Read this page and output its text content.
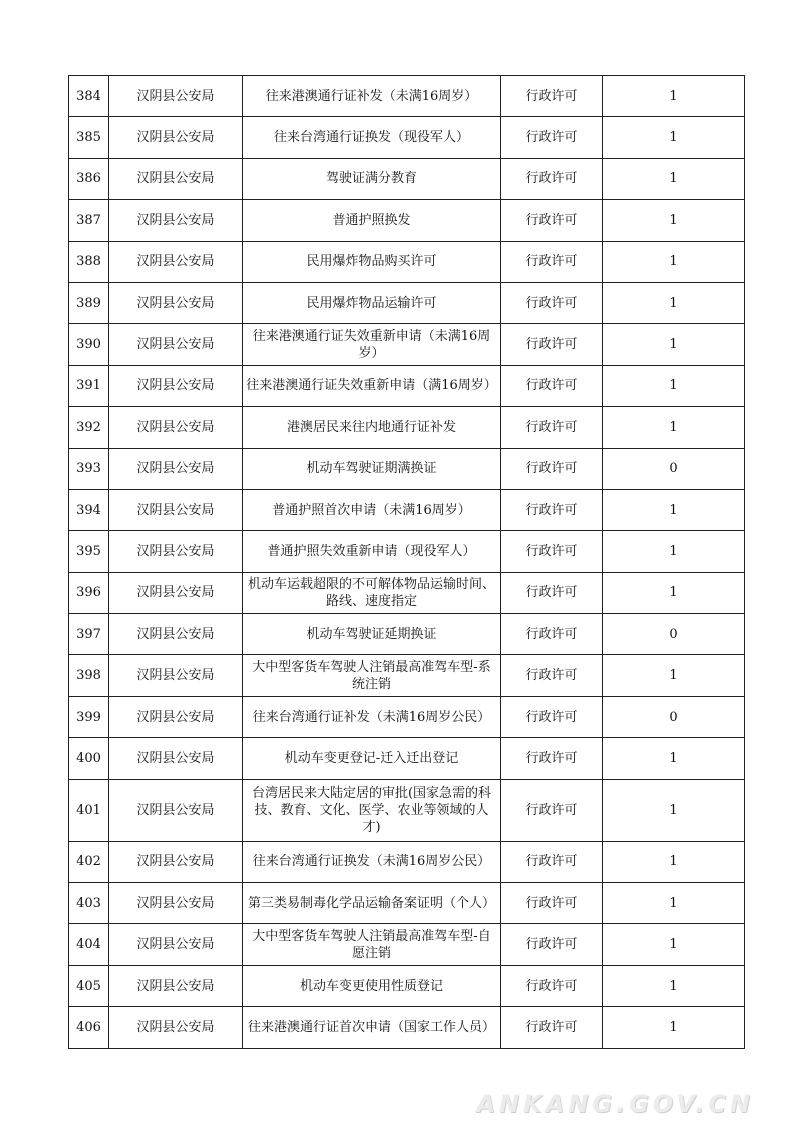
384	汉阴县公安局	往来港澳通行证补发（未满16周岁）	行政许可	1
385	汉阴县公安局	往来台湾通行证换发（现役军人）	行政许可	1
386	汉阴县公安局	驾驶证满分教育	行政许可	1
387	汉阴县公安局	普通护照换发	行政许可	1
388	汉阴县公安局	民用爆炸物品购买许可	行政许可	1
389	汉阴县公安局	民用爆炸物品运输许可	行政许可	1
390	汉阴县公安局	往来港澳通行证失效重新申请（未满16周岁）	行政许可	1
391	汉阴县公安局	往来港澳通行证失效重新申请（满16周岁）	行政许可	1
392	汉阴县公安局	港澳居民来往内地通行证补发	行政许可	1
393	汉阴县公安局	机动车驾驶证期满换证	行政许可	0
394	汉阴县公安局	普通护照首次申请（未满16周岁）	行政许可	1
395	汉阴县公安局	普通护照失效重新申请（现役军人）	行政许可	1
396	汉阴县公安局	机动车运载超限的不可解体物品运输时间、路线、速度指定	行政许可	1
397	汉阴县公安局	机动车驾驶证延期换证	行政许可	0
398	汉阴县公安局	大中型客货车驾驶人注销最高准驾车型-系统注销	行政许可	1
399	汉阴县公安局	往来台湾通行证补发（未满16周岁公民）	行政许可	0
400	汉阴县公安局	机动车变更登记-迁入迁出登记	行政许可	1
401	汉阴县公安局	台湾居民来大陆定居的审批(国家急需的科技、教育、文化、医学、农业等领域的人才)	行政许可	1
402	汉阴县公安局	往来台湾通行证换发（未满16周岁公民）	行政许可	1
403	汉阴县公安局	第三类易制毒化学品运输备案证明（个人）	行政许可	1
404	汉阴县公安局	大中型客货车驾驶人注销最高准驾车型-自愿注销	行政许可	1
405	汉阴县公安局	机动车变更使用性质登记	行政许可	1
406	汉阴县公安局	往来港澳通行证首次申请（国家工作人员）	行政许可	1
ANKANG.GOV.CN
